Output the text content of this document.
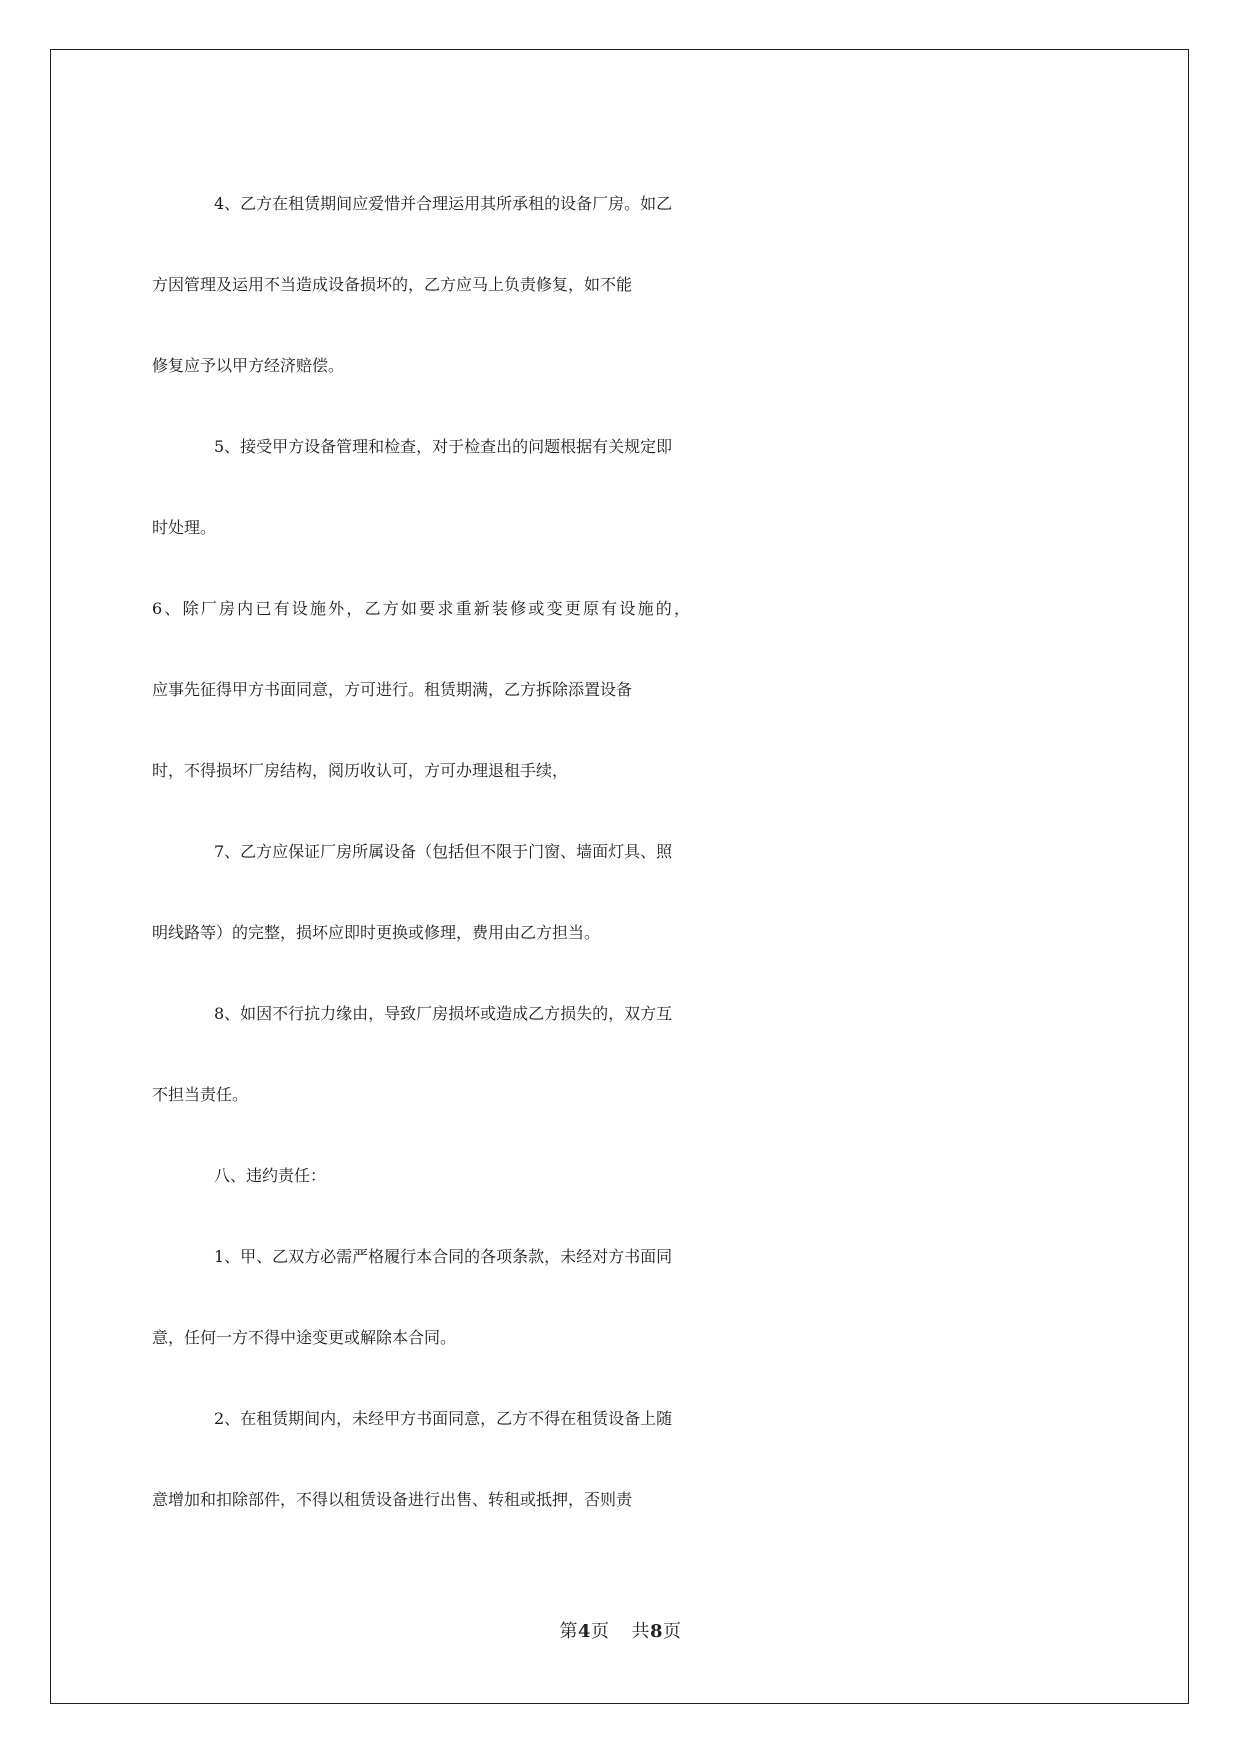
4、乙方在租赁期间应爱惜并合理运用其所承租的设备厂房。如乙
方因管理及运用不当造成设备损坏的，乙方应马上负责修复，如不能
修复应予以甲方经济赔偿。
5、接受甲方设备管理和检查，对于检查出的问题根据有关规定即
时处理。
6、除厂房内已有设施外，乙方如要求重新装修或变更原有设施的，
应事先征得甲方书面同意，方可进行。租赁期满，乙方拆除添置设备
时，不得损坏厂房结构，阅历收认可，方可办理退租手续，
7、乙方应保证厂房所属设备（包括但不限于门窗、墙面灯具、照
明线路等）的完整，损坏应即时更换或修理，费用由乙方担当。
8、如因不行抗力缘由，导致厂房损坏或造成乙方损失的，双方互
不担当责任。
八、违约责任：
1、甲、乙双方必需严格履行本合同的各项条款，未经对方书面同
意，任何一方不得中途变更或解除本合同。
2、在租赁期间内，未经甲方书面同意，乙方不得在租赁设备上随
意增加和扣除部件，不得以租赁设备进行出售、转租或抵押，否则责
第4页 共8页
